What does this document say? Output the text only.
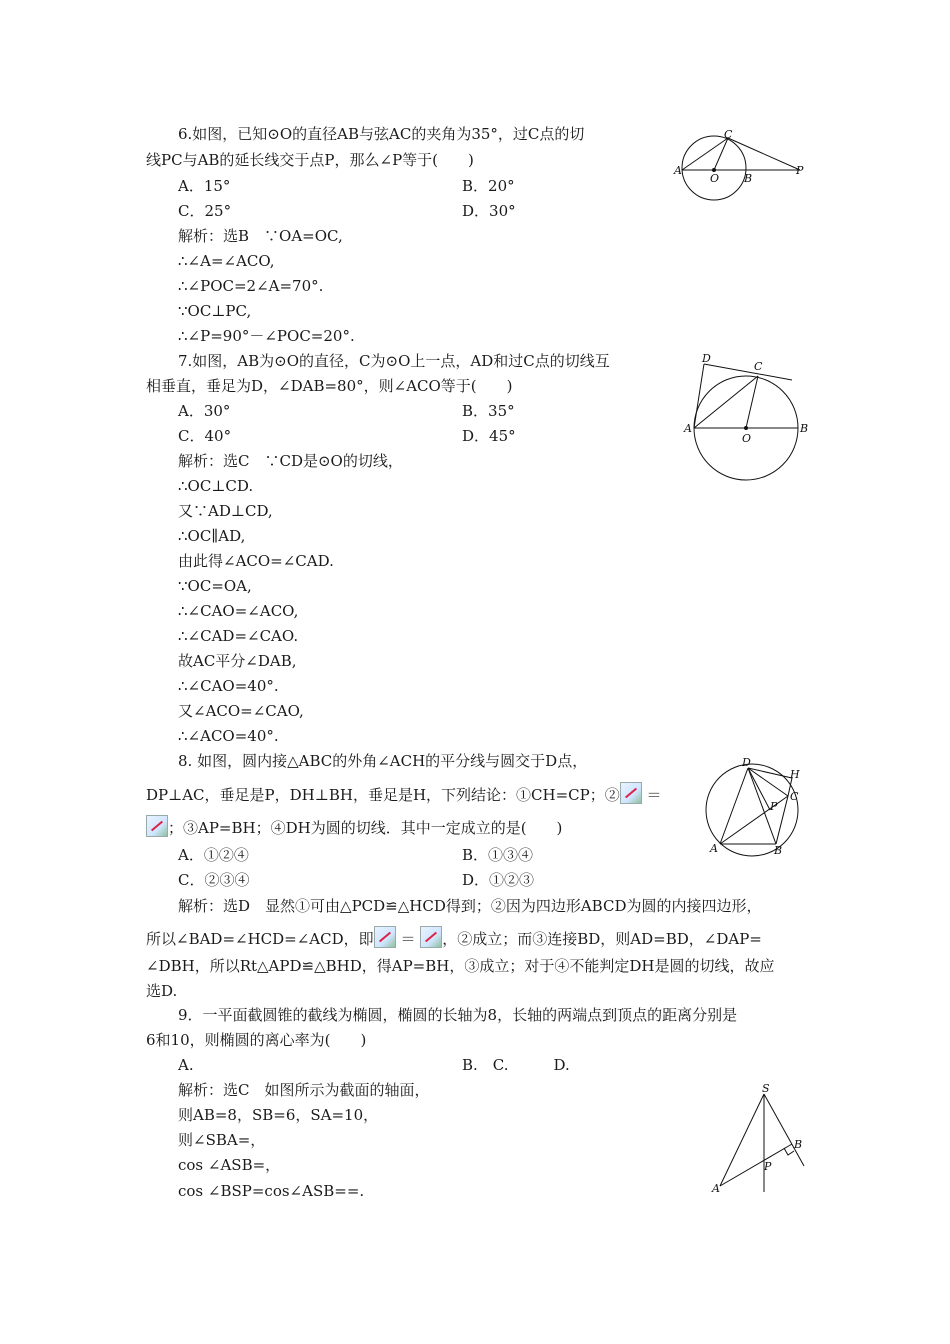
6.如图，已知⊙O的直径AB与弦AC的夹角为35°，过C点的切
线PC与AB的延长线交于点P，那么∠P等于(　　)
A．15°	B．20°
C．25°	D．30°
解析：选B　∵OA=OC,
∴∠A=∠ACO,
∴∠POC=2∠A=70°.
∵OC⊥PC,
∴∠P=90°－∠POC=20°.
A
O B
P
C
7.如图，AB为⊙O的直径，C为⊙O上一点，AD和过C点的切线互
相垂直，垂足为D，∠DAB=80°，则∠ACO等于(　　)
A．30°	B．35°
C．40°	D．45°
解析：选C　∵CD是⊙O的切线，
∴OC⊥CD.
又∵AD⊥CD,
∴OC∥AD,
由此得∠ACO=∠CAD.
∵OC=OA,
∴∠CAO=∠ACO,
∴∠CAD=∠CAO.
故AC平分∠DAB,
∴∠CAO=40°.
又∠ACO=∠CAO,
∴∠ACO=40°.
D
C
A
O
B
8. 如图，圆内接△ABC的外角∠ACH的平分线与圆交于D点，
DP⊥AC，垂足是P，DH⊥BH，垂足是H，下列结论：①CH=CP；② ＝
；③AP=BH；④DH为圆的切线．其中一定成立的是(　　)
A．①②④	B．①③④
C．②③④	D．①②③
解析：选D　显然①可由△PCD≌△HCD得到；②因为四边形ABCD为圆的内接四边形，
所以∠BAD=∠HCD=∠ACD，即 ＝ ，②成立；而③连接BD，则AD=BD，∠DAP=
∠DBH，所以Rt△APD≌△BHD，得AP=BH，③成立；对于④不能判定DH是圆的切线，故应
选D.
D
H
C
P
A	B
9．一平面截圆锥的截线为椭圆，椭圆的长轴为8，长轴的两端点到顶点的距离分别是
6和10，则椭圆的离心率为(　　)
A.	B.　C.　　　D.
解析：选C　如图所示为截面的轴面，
则AB=8，SB=6，SA=10，
则∠SBA=，
cos ∠ASB=，
cos ∠BSP=cos∠ASB==.
S
B
P
A
